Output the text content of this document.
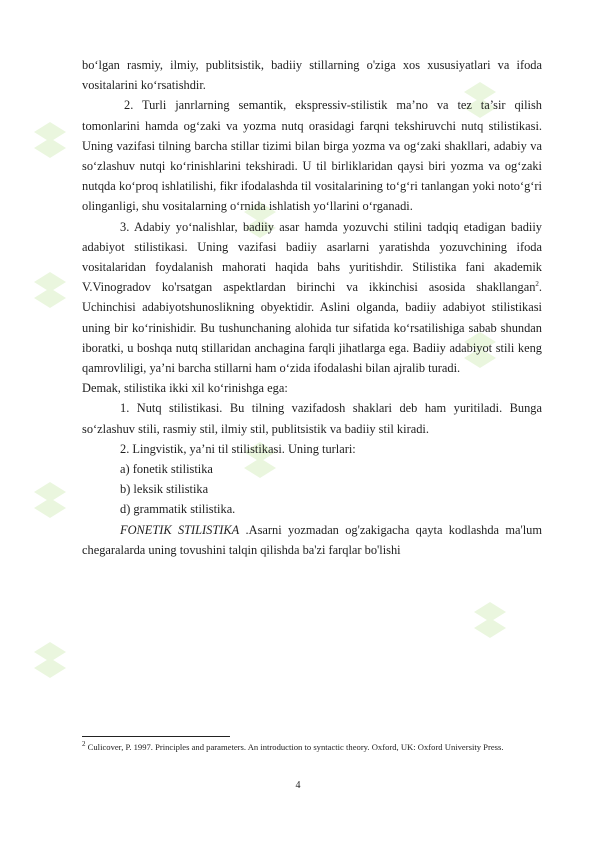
bo‘lgan rasmiy, ilmiy, publitsistik, badiiy stillarning o'ziga xos xususiyatlari va ifoda vositalarini ko‘rsatishdir.

2. Turli janrlarning semantik, ekspressiv-stilistik ma’no va tez ta’sir qilish tomonlarini hamda og‘zaki va yozma nutq orasidagi farqni tekshiruvchi nutq stilistikasi. Uning vazifasi tilning barcha stillar tizimi bilan birga yozma va og‘zaki shakllari, adabiy va so‘zlashuv nutqi ko‘rinishlarini tekshiradi. U til birliklaridan qaysi biri yozma va og‘zaki nutqda ko‘proq ishlatilishi, fikr ifodalashda til vositalarining to‘g‘ri tanlangan yoki noto‘g‘ri olinganligi, shu vositalarning o‘rnida ishlatish yo‘llarini o‘rganadi.

3. Adabiy yo‘nalishlar, badiiy asar hamda yozuvchi stilini tadqiq etadigan badiiy adabiyot stilistikasi. Uning vazifasi badiiy asarlarni yaratishda yozuvchining ifoda vositalaridan foydalanish mahorati haqida bahs yuritishdir. Stilistika fani akademik V.Vinogradov ko'rsatgan aspektlardan birinchi va ikkinchisi asosida shakllangan$^2$. Uchinchisi adabiyotshunoslikning obyektidir. Aslini olganda, badiiy adabiyot stilistikasi uning bir ko‘rinishidir. Bu tushunchaning alohida tur sifatida ko‘rsatilishiga sabab shundan iboratki, u boshqa nutq stillaridan anchagina farqli jihatlarga ega. Badiiy adabiyot stili keng qamrovliligi, ya’ni barcha stillarni ham o‘zida ifodalashi bilan ajralib turadi.

Demak, stilistika ikki xil ko‘rinishga ega:

1. Nutq stilistikasi. Bu tilning vazifadosh shaklari deb ham yuritiladi. Bunga so‘zlashuv stili, rasmiy stil, ilmiy stil, publitsistik va badiiy stil kiradi.

2. Lingvistik, ya’ni til stilistikasi. Uning turlari:

a) fonetik stilistika

b) leksik stilistika

d) grammatik stilistika.

FONETIK STILISTIKA .Asarni yozmadan og'zakigacha qayta kodlashda ma'lum chegaralarda uning tovushini talqin qilishda ba'zi farqlar bo'lishi

$^2$ Culicover, P. 1997. Principles and parameters. An introduction to syntactic theory. Oxford, UK: Oxford University Press.
4
